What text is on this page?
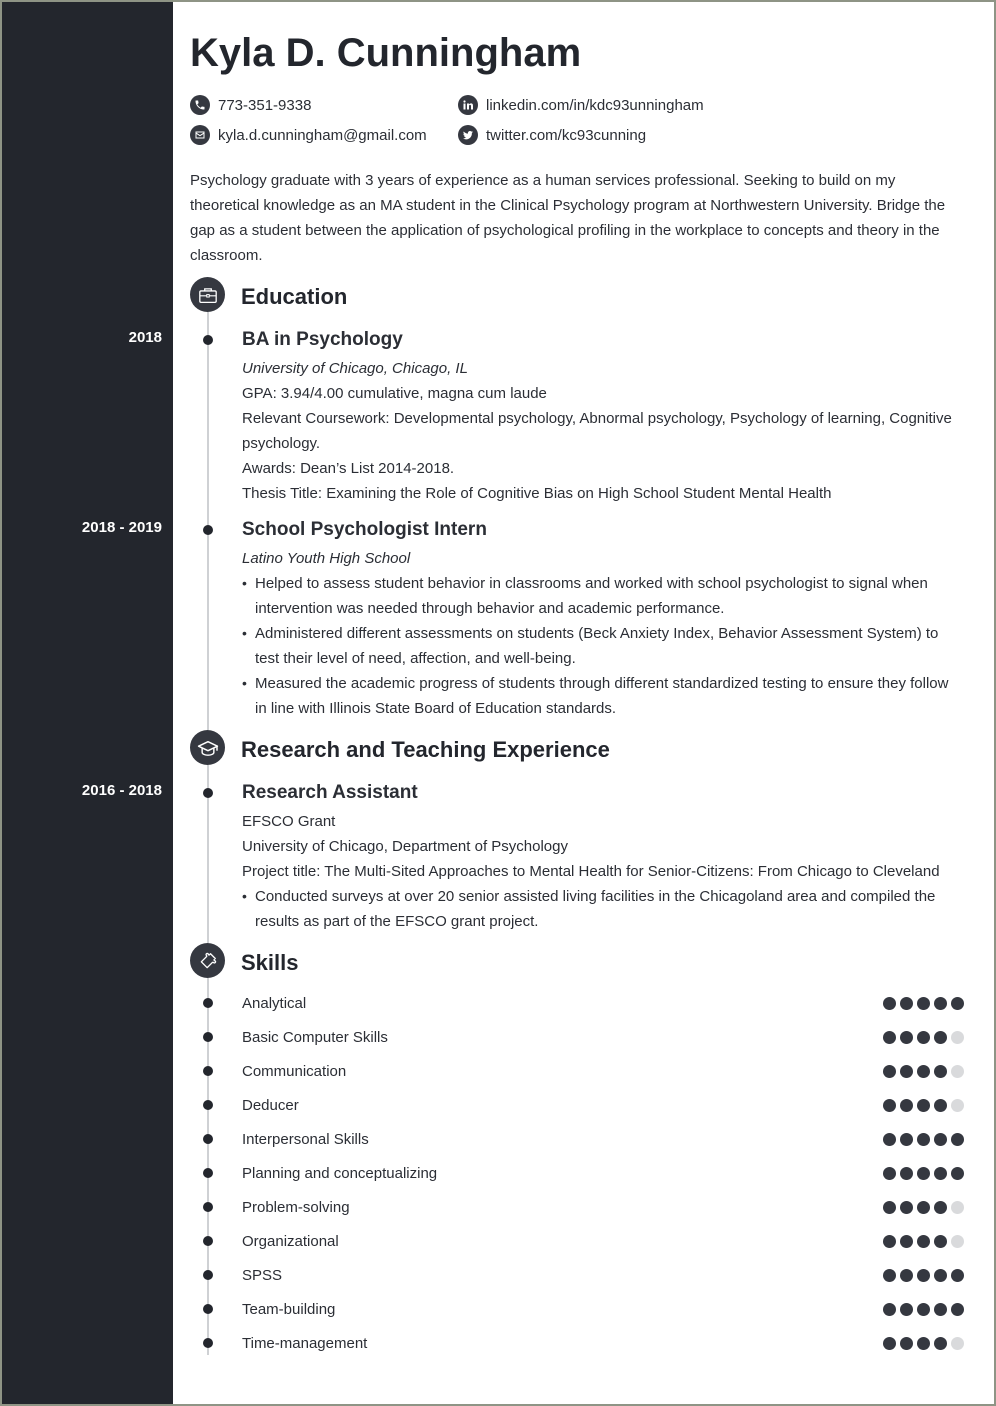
Kyla D. Cunningham
773-351-9338
kyla.d.cunningham@gmail.com
linkedin.com/in/kdc93unningham
twitter.com/kc93cunning

Psychology graduate with 3 years of experience as a human services professional. Seeking to build on my theoretical knowledge as an MA student in the Clinical Psychology program at Northwestern University. Bridge the gap as a student between the application of psychological profiling in the workplace to concepts and theory in the classroom.

Education
2018	BA in Psychology
University of Chicago, Chicago, IL
GPA: 3.94/4.00 cumulative, magna cum laude
Relevant Coursework: Developmental psychology, Abnormal psychology, Psychology of learning, Cognitive psychology.
Awards: Dean’s List 2014-2018.
Thesis Title: Examining the Role of Cognitive Bias on High School Student Mental Health
2018 - 2019	School Psychologist Intern
Latino Youth High School
• Helped to assess student behavior in classrooms and worked with school psychologist to signal when intervention was needed through behavior and academic performance.
• Administered different assessments on students (Beck Anxiety Index, Behavior Assessment System) to test their level of need, affection, and well-being.
• Measured the academic progress of students through different standardized testing to ensure they follow in line with Illinois State Board of Education standards.
Research and Teaching Experience
2016 - 2018	Research Assistant
EFSCO Grant
University of Chicago, Department of Psychology
Project title: The Multi-Sited Approaches to Mental Health for Senior-Citizens: From Chicago to Cleveland
• Conducted surveys at over 20 senior assisted living facilities in the Chicagoland area and compiled the results as part of the EFSCO grant project.
Skills
Analytical
Basic Computer Skills
Communication
Deducer
Interpersonal Skills
Planning and conceptualizing
Problem-solving
Organizational
SPSS
Team-building
Time-management
